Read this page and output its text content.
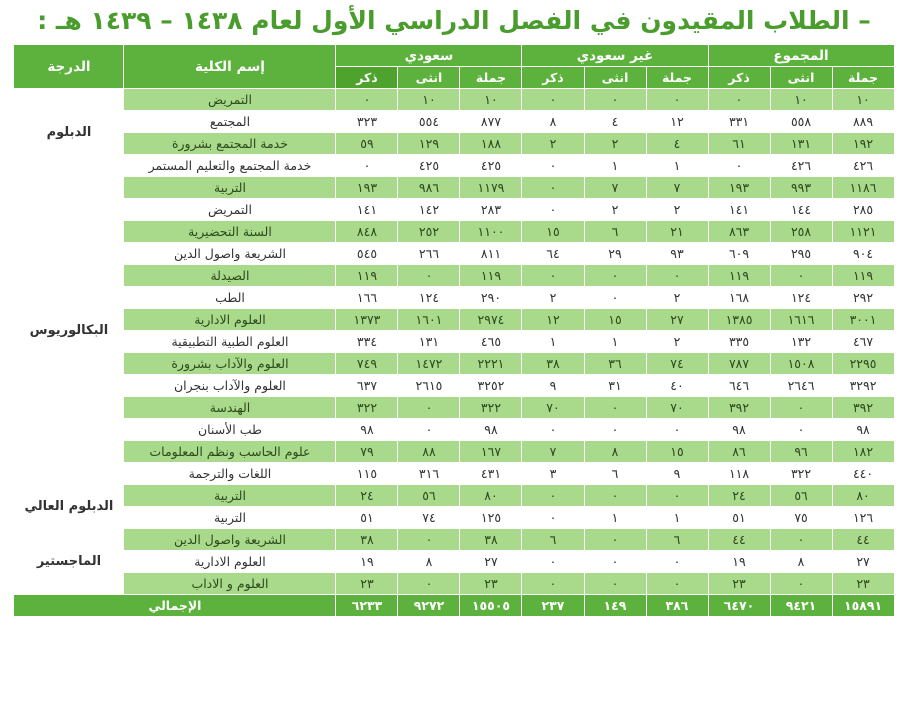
– الطلاب المقيدون في الفصل الدراسي الأول لعام ١٤٣٨ – ١٤٣٩ هـ :
المجموع			غير سعودي			سعودي			إسم الكلية	الدرجة
جملة	انثى	ذكر	جملة	انثى	ذكر	جملة	انثى	ذكر		
١٠	١٠	٠	٠	٠	٠	١٠	١٠	٠	التمريض	الدبلوم
٨٨٩	٥٥٨	٣٣١	١٢	٤	٨	٨٧٧	٥٥٤	٣٢٣	المجتمع	
١٩٢	١٣١	٦١	٤	٢	٢	١٨٨	١٢٩	٥٩	خدمة المجتمع بشرورة	
٤٢٦	٤٢٦	٠	١	١	٠	٤٢٥	٤٢٥	٠	خدمة المجتمع والتعليم المستمر	
١١٨٦	٩٩٣	١٩٣	٧	٧	٠	١١٧٩	٩٨٦	١٩٣	التربية	البكالوريوس
٢٨٥	١٤٤	١٤١	٢	٢	٠	٢٨٣	١٤٢	١٤١	التمريض	
١١٢١	٢٥٨	٨٦٣	٢١	٦	١٥	١١٠٠	٢٥٢	٨٤٨	السنة التحضيرية	
٩٠٤	٢٩٥	٦٠٩	٩٣	٢٩	٦٤	٨١١	٢٦٦	٥٤٥	الشريعة واصول الدين	
١١٩	٠	١١٩	٠	٠	٠	١١٩	٠	١١٩	الصيدلة	
٢٩٢	١٢٤	١٦٨	٢	٠	٢	٢٩٠	١٢٤	١٦٦	الطب	
٣٠٠١	١٦١٦	١٣٨٥	٢٧	١٥	١٢	٢٩٧٤	١٦٠١	١٣٧٣	العلوم الادارية	
٤٦٧	١٣٢	٣٣٥	٢	١	١	٤٦٥	١٣١	٣٣٤	العلوم الطبية التطبيقية	
٢٢٩٥	١٥٠٨	٧٨٧	٧٤	٣٦	٣٨	٢٢٢١	١٤٧٢	٧٤٩	العلوم والآداب بشرورة	
٣٢٩٢	٢٦٤٦	٦٤٦	٤٠	٣١	٩	٣٢٥٢	٢٦١٥	٦٣٧	العلوم والآداب بنجران	
٣٩٢	٠	٣٩٢	٧٠	٠	٧٠	٣٢٢	٠	٣٢٢	الهندسة	
٩٨	٠	٩٨	٠	٠	٠	٩٨	٠	٩٨	طب الأسنان	
١٨٢	٩٦	٨٦	١٥	٨	٧	١٦٧	٨٨	٧٩	علوم الحاسب ونظم المعلومات	
٤٤٠	٣٢٢	١١٨	٩	٦	٣	٤٣١	٣١٦	١١٥	اللغات والترجمة	
٨٠	٥٦	٢٤	٠	٠	٠	٨٠	٥٦	٢٤	التربية	الدبلوم العالي
١٢٦	٧٥	٥١	١	١	٠	١٢٥	٧٤	٥١	التربية	
٤٤	٠	٤٤	٦	٠	٦	٣٨	٠	٣٨	الشريعة واصول الدين	الماجستير
٢٧	٨	١٩	٠	٠	٠	٢٧	٨	١٩	العلوم الادارية	
٢٣	٠	٢٣	٠	٠	٠	٢٣	٠	٢٣	العلوم و الاداب	
١٥٨٩١	٩٤٢١	٦٤٧٠	٣٨٦	١٤٩	٢٣٧	١٥٥٠٥	٩٢٧٢	٦٢٣٣	الإجمالي	
